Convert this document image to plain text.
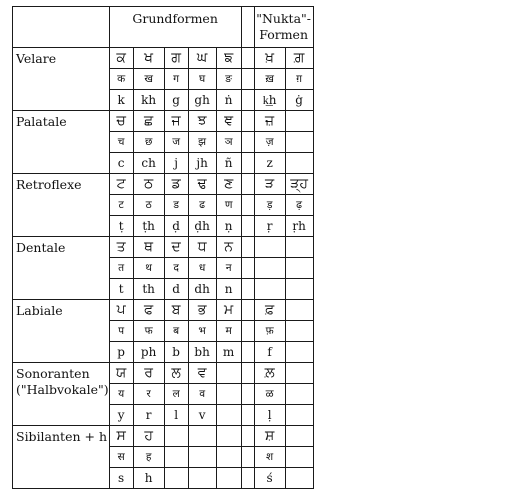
	Grundformen						"Nukta"-
Formen	
Velare	ਕ	ਖ	ਗ	ਘ	ਙ		ਖ਼	ਗ਼
	क	ख	ग	घ	ङ		ख़	ग़
	k	kh	g	gh	ṅ		k͟h	ġ
Palatale	ਚ	ਛ	ਜ	ਝ	ਞ		ਜ਼	
	च	छ	ज	झ	ञ		ज़	
	c	ch	j	jh	ñ		z	
Retroflexe	ਟ	ਠ	ਡ	ਢ	ਣ		ੜ	ੜ੍ਹ
	ट	ठ	ड	ढ	ण		ड़	ढ़
	ṭ	ṭh	ḍ	ḍh	ṇ		ṛ	ṛh
Dentale	ਤ	ਥ	ਦ	ਧ	ਨ			
	त	थ	द	ध	न			
	t	th	d	dh	n			
Labiale	ਪ	ਫ	ਬ	ਭ	ਮ		ਫ਼	
	प	फ	ब	भ	म		फ़	
	p	ph	b	bh	m		f	
Sonoranten
("Halbvokale")	ਯ	ਰ	ਲ	ਵ			ਲ਼	
	य	र	ल	व			ळ	
	y	r	l	v			ḷ	
Sibilanten + h	ਸ	ਹ					ਸ਼	
	स	ह					श	
	s	h					ś	
